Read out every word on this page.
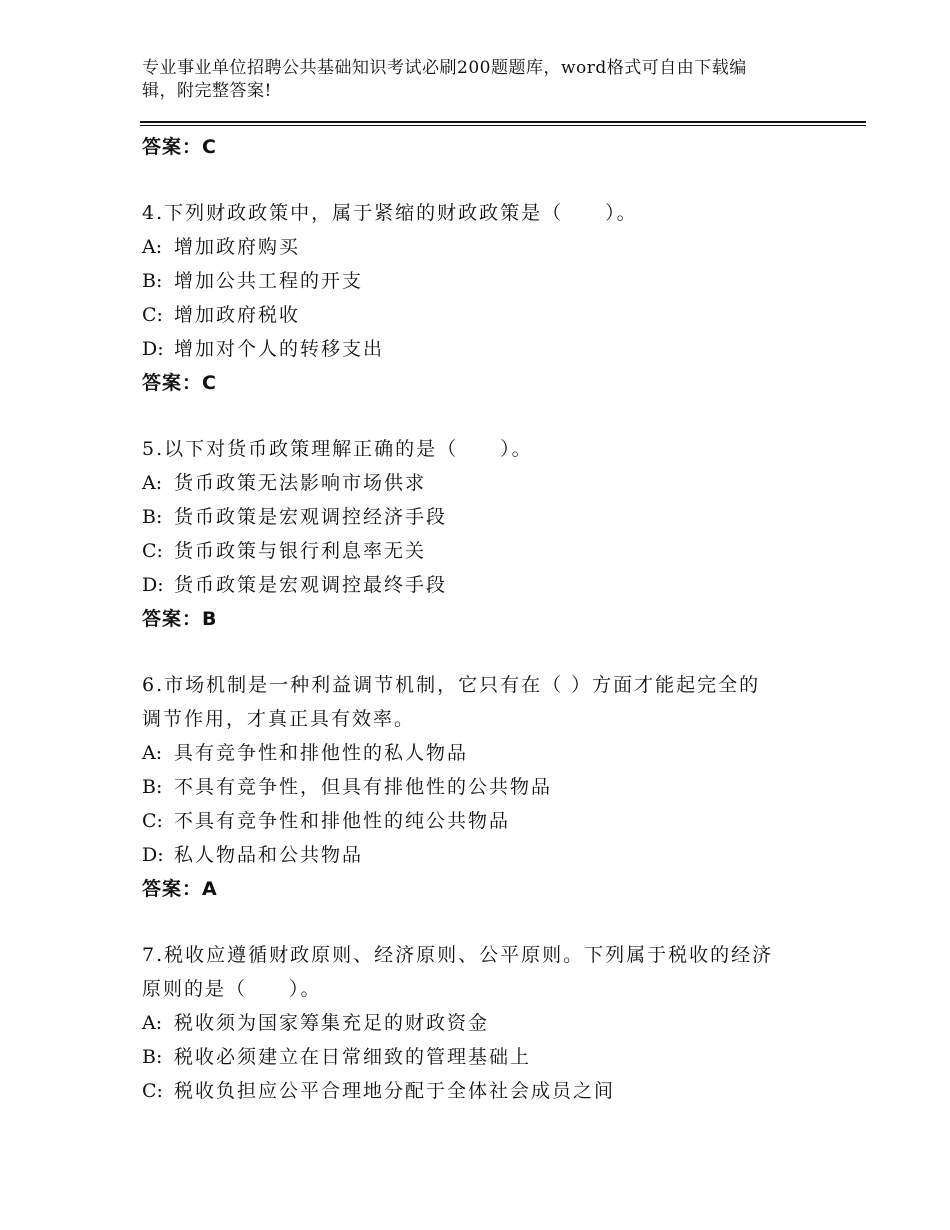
专业事业单位招聘公共基础知识考试必刷200题题库，word格式可自由下载编
辑，附完整答案!
答案：C
4.下列财政政策中，属于紧缩的财政政策是（　　）。
A: 增加政府购买
B: 增加公共工程的开支
C: 增加政府税收
D: 增加对个人的转移支出
答案：C
5.以下对货币政策理解正确的是（　　）。
A: 货币政策无法影响市场供求
B: 货币政策是宏观调控经济手段
C: 货币政策与银行利息率无关
D: 货币政策是宏观调控最终手段
答案：B
6.市场机制是一种利益调节机制，它只有在（ ）方面才能起完全的
调节作用，才真正具有效率。
A: 具有竞争性和排他性的私人物品
B: 不具有竞争性，但具有排他性的公共物品
C: 不具有竞争性和排他性的纯公共物品
D: 私人物品和公共物品
答案：A
7.税收应遵循财政原则、经济原则、公平原则。下列属于税收的经济
原则的是（　　）。
A: 税收须为国家筹集充足的财政资金
B: 税收必须建立在日常细致的管理基础上
C: 税收负担应公平合理地分配于全体社会成员之间
